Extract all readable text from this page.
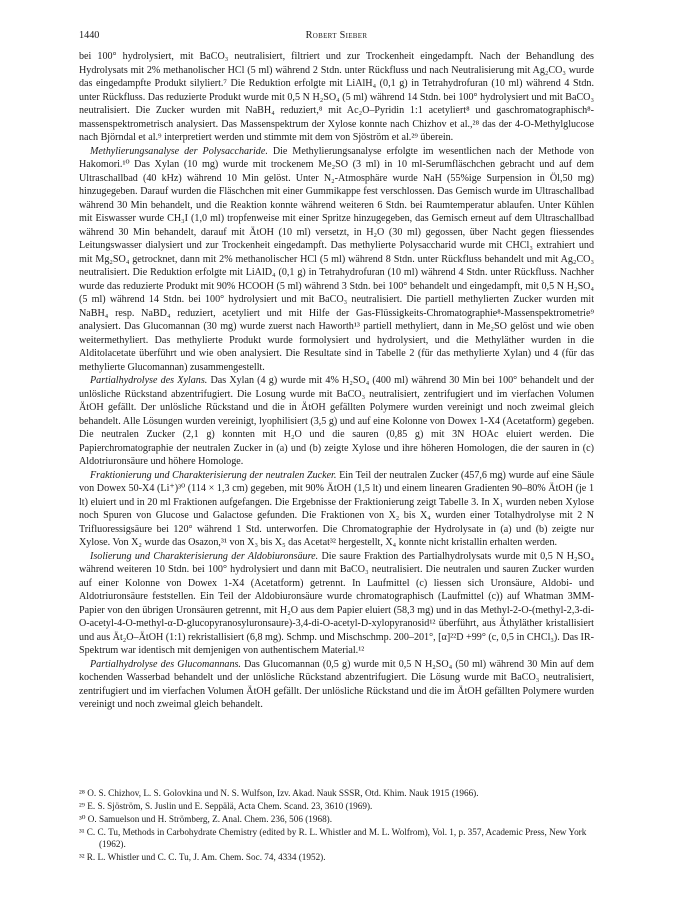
1440	Robert Sieber

bei 100° hydrolysiert, mit BaCO₃ neutralisiert, filtriert und zur Trockenheit eingedampft. Nach der Behandlung des Hydrolysats mit 2% methanolischer HCl (5 ml) während 2 Stdn. unter Rückfluss und nach Neutralisierung mit Ag₂CO₃ wurde das eingedampfte Produkt silyliert.⁷ Die Reduktion erfolgte mit LiAlH₄ (0,1 g) in Tetrahydrofuran (10 ml) während 4 Stdn. unter Rückfluss. Das reduzierte Produkt wurde mit 0,5 N H₂SO₄ (5 ml) während 14 Stdn. bei 100° hydrolysiert und mit BaCO₃ neutralisiert. Die Zucker wurden mit NaBH₄ reduziert,⁸ mit Ac₂O–Pyridin 1:1 acetyliert⁸ und gaschromatographisch⁸-massenspektrometrisch analysiert. Das Massenspektrum der Xylose konnte nach Chizhov et al.,²⁸ das der 4-O-Methylglucose nach Björndal et al.⁹ interpretiert werden und stimmte mit dem von Sjöström et al.²⁹ überein.

Methylierungsanalyse der Polysaccharide. Die Methylierungsanalyse erfolgte im wesentlichen nach der Methode von Hakomori.¹⁰ Das Xylan (10 mg) wurde mit trockenem Me₂SO (3 ml) in 10 ml-Serumfläschchen gebracht und auf dem Ultraschallbad (40 kHz) während 10 Min gelöst. Unter N₂-Atmosphäre wurde NaH (55%ige Surpension in Öl,50 mg) hinzugegeben. Darauf wurden die Fläschchen mit einer Gummikappe fest verschlossen. Das Gemisch wurde im Ultraschallbad während 30 Min behandelt, und die Reaktion konnte während weiteren 6 Stdn. bei Raumtemperatur ablaufen. Unter Kühlen mit Eiswasser wurde CH₃I (1,0 ml) tropfenweise mit einer Spritze hinzugegeben, das Gemisch erneut auf dem Ultraschallbad während 30 Min behandelt, darauf mit ÄtOH (10 ml) versetzt, in H₂O (30 ml) gegossen, über Nacht gegen fliessendes Leitungswasser dialysiert und zur Trockenheit eingedampft. Das methylierte Polysaccharid wurde mit CHCl₃ extrahiert und mit Mg₂SO₄ getrocknet, dann mit 2% methanolischer HCl (5 ml) während 8 Stdn. unter Rückfluss behandelt und mit Ag₂CO₃ neutralisiert. Die Reduktion erfolgte mit LiAlD₄ (0,1 g) in Tetrahydrofuran (10 ml) während 4 Stdn. unter Rückfluss. Nachher wurde das reduzierte Produkt mit 90% HCOOH (5 ml) während 3 Stdn. bei 100° behandelt und eingedampft, mit 0,5 N H₂SO₄ (5 ml) während 14 Stdn. bei 100° hydrolysiert und mit BaCO₃ neutralisiert. Die partiell methylierten Zucker wurden mit NaBH₄ resp. NaBD₄ reduziert, acetyliert und mit Hilfe der Gas-Flüssigkeits-Chromatographie⁸-Massenspektrometrie⁹ analysiert. Das Glucomannan (30 mg) wurde zuerst nach Haworth¹³ partiell methyliert, dann in Me₂SO gelöst und wie oben weitermethyliert. Das methylierte Produkt wurde formolysiert und hydrolysiert, und die Methyläther wurden in die Alditolacetate überführt und wie oben analysiert. Die Resultate sind in Tabelle 2 (für das methylierte Xylan) und 4 (für das methylierte Glucomannan) zusammengestellt.

Partialhydrolyse des Xylans. Das Xylan (4 g) wurde mit 4% H₂SO₄ (400 ml) während 30 Min bei 100° behandelt und der unlösliche Rückstand abzentrifugiert. Die Losung wurde mit BaCO₃ neutralisiert, zentrifugiert und im vierfachen Volumen ÄtOH gefällt. Der unlösliche Rückstand und die in ÄtOH gefällten Polymere wurden vereinigt und noch zweimal gleich behandelt. Alle Lösungen wurden vereinigt, lyophilisiert (3,5 g) und auf eine Kolonne von Dowex 1-X4 (Acetatform) gegeben. Die neutralen Zucker (2,1 g) konnten mit H₂O und die sauren (0,85 g) mit 3N HOAc eluiert werden. Die Papierchromatographie der neutralen Zucker in (a) und (b) zeigte Xylose und ihre höheren Homologen, die der sauren in (c) Aldotriuronsäure und höhere Homologe.

Fraktionierung und Charakterisierung der neutralen Zucker. Ein Teil der neutralen Zucker (457,6 mg) wurde auf eine Säule von Dowex 50-X4 (Li⁺)³⁰ (114 × 1,3 cm) gegeben, mit 90% ÄtOH (1,5 lt) und einem linearen Gradienten 90–80% ÄtOH (je 1 lt) eluiert und in 20 ml Fraktionen aufgefangen. Die Ergebnisse der Fraktionierung zeigt Tabelle 3. In X₁ wurden neben Xylose noch Spuren von Glucose und Galactose gefunden. Die Fraktionen von X₂ bis X₄ wurden einer Totalhydrolyse mit 2 N Trifluoressigsäure bei 120° während 1 Std. unterworfen. Die Chromatographie der Hydrolysate in (a) und (b) zeigte nur Xylose. Von X₂ wurde das Osazon,³¹ von X₃ bis X₅ das Acetat³² hergestellt, X₄ konnte nicht kristallin erhalten werden.

Isolierung und Charakterisierung der Aldobiuronsäure. Die saure Fraktion des Partialhydrolysats wurde mit 0,5 N H₂SO₄ während weiteren 10 Stdn. bei 100° hydrolysiert und dann mit BaCO₃ neutralisiert. Die neutralen und sauren Zucker wurden auf einer Kolonne von Dowex 1-X4 (Acetatform) getrennt. In Laufmittel (c) liessen sich Uronsäure, Aldobi- und Aldotriuronsäure feststellen. Ein Teil der Aldobiuronsäure wurde chromatographisch (Laufmittel (c)) auf Whatman 3MM-Papier von den übrigen Uronsäuren getrennt, mit H₂O aus dem Papier eluiert (58,3 mg) und in das Methyl-2-O-(methyl-2,3-di-O-acetyl-4-O-methyl-α-D-glucopyranosyluronsaure)-3,4-di-O-acetyl-D-xylopyranosid¹² überführt, aus Äthyläther kristallisiert und aus Ät₂O–ÄtOH (1:1) rekristallisiert (6,8 mg). Schmp. und Mischschmp. 200–201°, [α]²²D +99° (c, 0,5 in CHCl₃). Das IR-Spektrum war identisch mit demjenigen von authentischem Material.¹²

Partialhydrolyse des Glucomannans. Das Glucomannan (0,5 g) wurde mit 0,5 N H₂SO₄ (50 ml) während 30 Min auf dem kochenden Wasserbad behandelt und der unlösliche Rückstand abzentrifugiert. Die Lösung wurde mit BaCO₃ neutralisiert, zentrifugiert und im vierfachen Volumen ÄtOH gefällt. Der unlösliche Rückstand und die im ÄtOH gefällten Polymere wurden vereinigt und noch zweimal gleich behandelt.

²⁸ O. S. Chizhov, L. S. Golovkina und N. S. Wulfson, Izv. Akad. Nauk SSSR, Otd. Khim. Nauk 1915 (1966).

²⁹ E. S. Sjöström, S. Juslin und E. Seppälä, Acta Chem. Scand. 23, 3610 (1969).

³⁰ O. Samuelson und H. Strömberg, Z. Anal. Chem. 236, 506 (1968).

³¹ C. C. Tu, Methods in Carbohydrate Chemistry (edited by R. L. Whistler and M. L. Wolfrom), Vol. 1, p. 357, Academic Press, New York (1962).

³² R. L. Whistler und C. C. Tu, J. Am. Chem. Soc. 74, 4334 (1952).
